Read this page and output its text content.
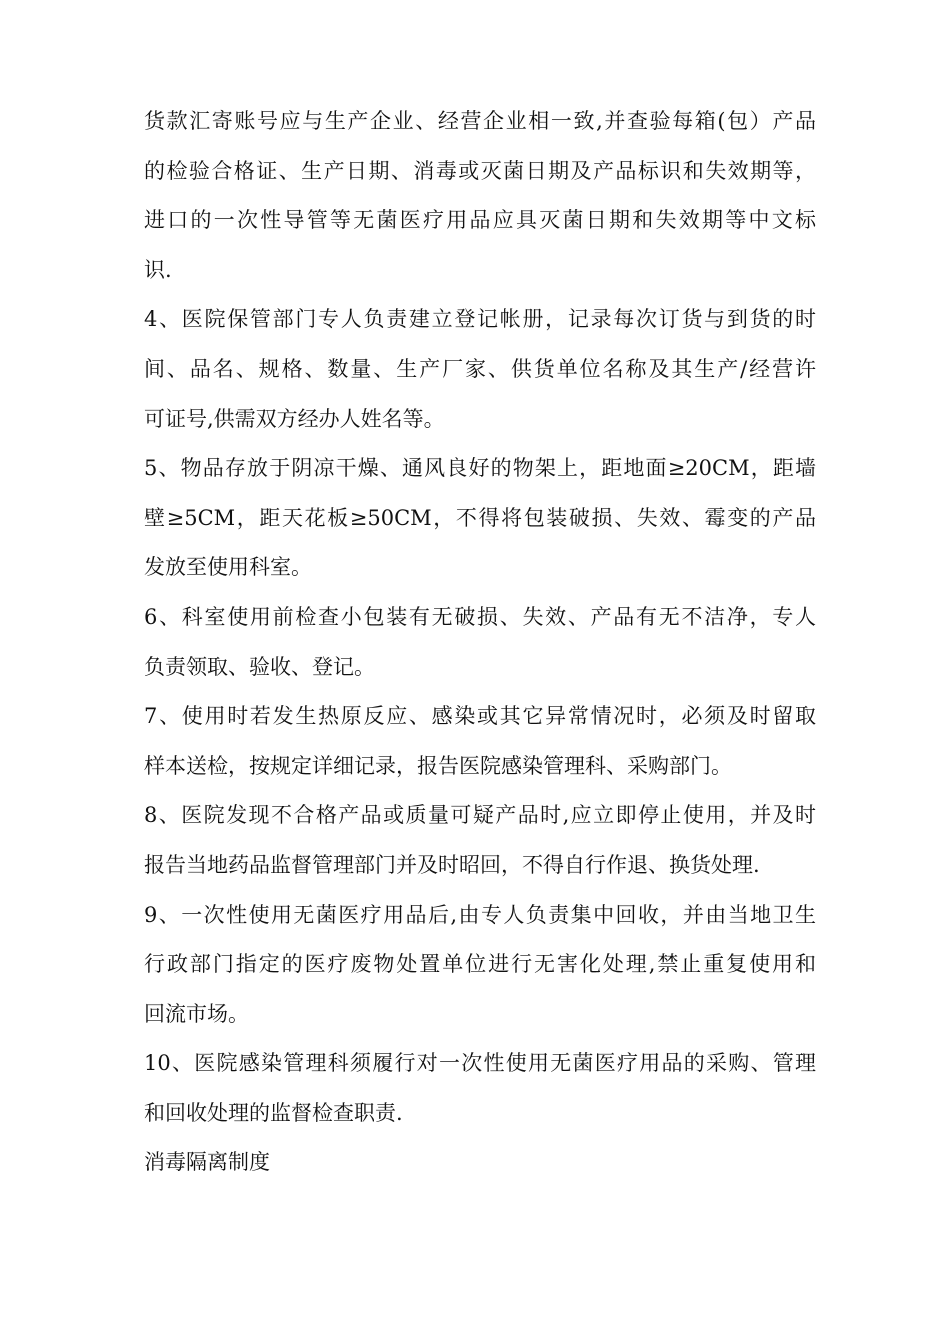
货款汇寄账号应与生产企业、经营企业相一致,并查验每箱(包）产品
的检验合格证、生产日期、消毒或灭菌日期及产品标识和失效期等，
进口的一次性导管等无菌医疗用品应具灭菌日期和失效期等中文标
识.
4、医院保管部门专人负责建立登记帐册，记录每次订货与到货的时
间、品名、规格、数量、生产厂家、供货单位名称及其生产/经营许
可证号,供需双方经办人姓名等。
5、物品存放于阴凉干燥、通风良好的物架上，距地面≥20CM，距墙
壁≥5CM，距天花板≥50CM，不得将包装破损、失效、霉变的产品
发放至使用科室。
6、科室使用前检查小包装有无破损、失效、产品有无不洁净，专人
负责领取、验收、登记。
7、使用时若发生热原反应、感染或其它异常情况时，必须及时留取
样本送检，按规定详细记录，报告医院感染管理科、采购部门。
8、医院发现不合格产品或质量可疑产品时,应立即停止使用，并及时
报告当地药品监督管理部门并及时昭回，不得自行作退、换货处理.
9、一次性使用无菌医疗用品后,由专人负责集中回收，并由当地卫生
行政部门指定的医疗废物处置单位进行无害化处理,禁止重复使用和
回流市场。
10、医院感染管理科须履行对一次性使用无菌医疗用品的采购、管理
和回收处理的监督检查职责.
消毒隔离制度
